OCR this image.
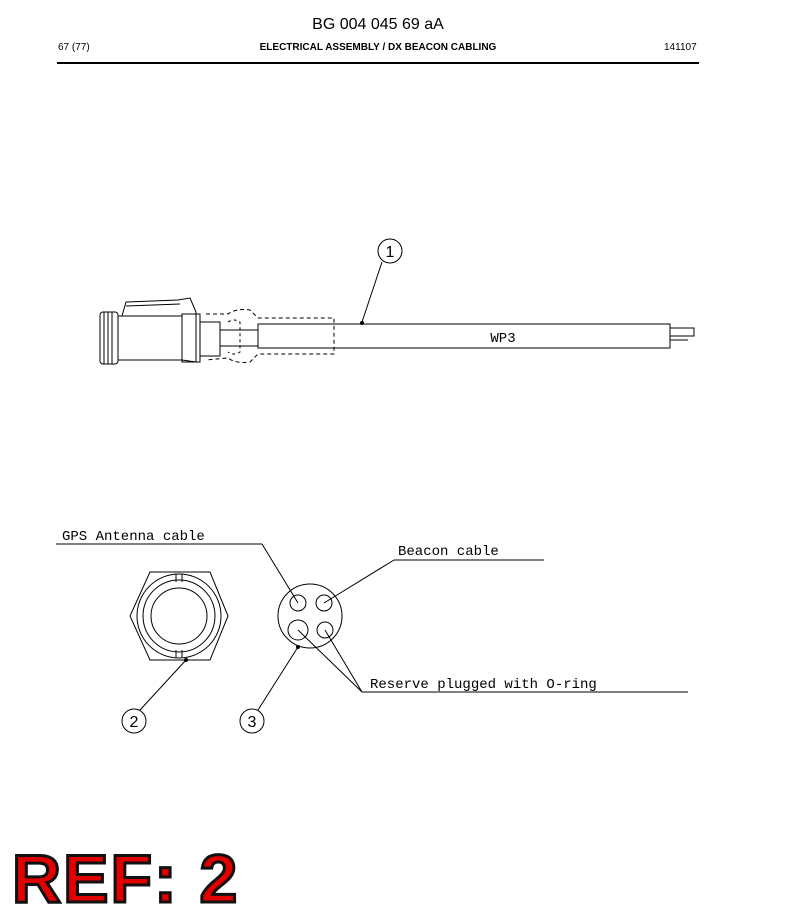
BG 004 045 69 aA
67 (77)	ELECTRICAL ASSEMBLY / DX BEACON CABLING	141107
1
WP3
2	3
GPS Antenna cable
Beacon cable
Reserve plugged with O-ring
REF: 2
